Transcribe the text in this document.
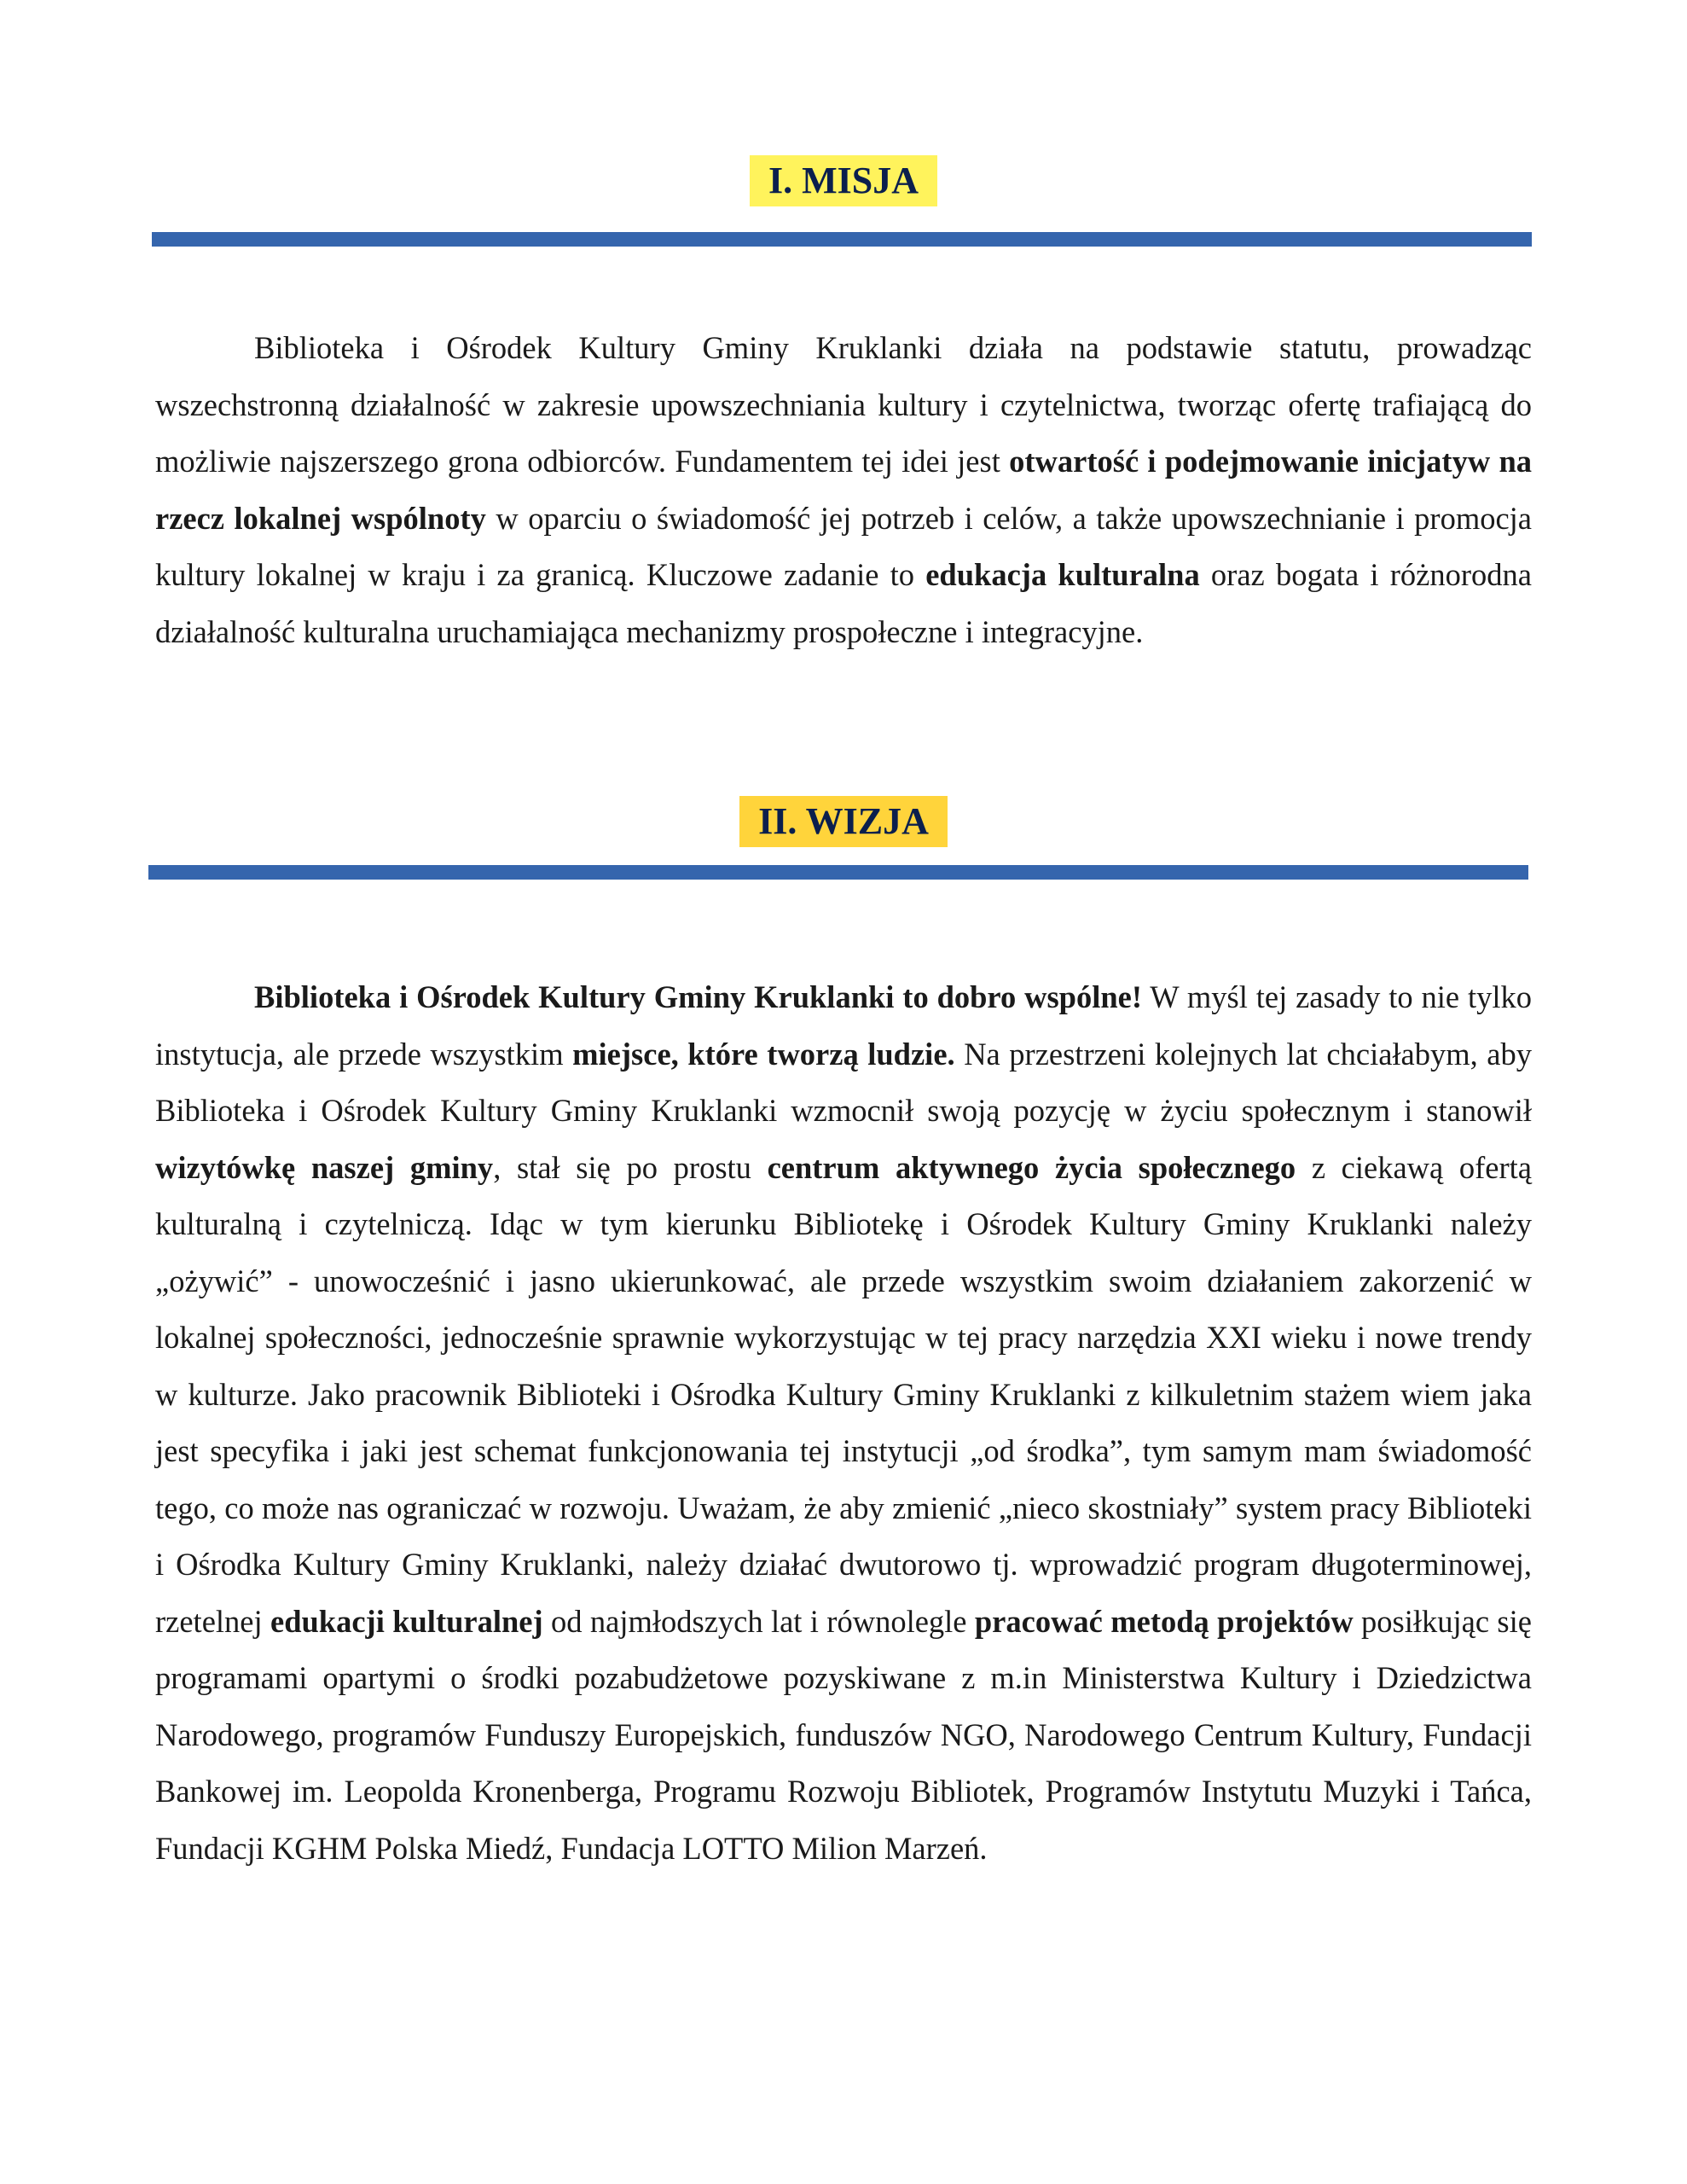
I. MISJA

Biblioteka i Ośrodek Kultury Gminy Kruklanki działa na podstawie statutu, prowadząc wszechstronną działalność w zakresie upowszechniania kultury i czytelnictwa, tworząc ofertę trafiającą do możliwie najszerszego grona odbiorców. Fundamentem tej idei jest otwartość i podejmowanie inicjatyw na rzecz lokalnej wspólnoty w oparciu o świadomość jej potrzeb i celów, a także upowszechnianie i promocja kultury lokalnej w kraju i za granicą. Kluczowe zadanie to edukacja kulturalna oraz bogata i różnorodna działalność kulturalna uruchamiająca mechanizmy prospołeczne i integracyjne.

II. WIZJA

Biblioteka i Ośrodek Kultury Gminy Kruklanki to dobro wspólne! W myśl tej zasady to nie tylko instytucja, ale przede wszystkim miejsce, które tworzą ludzie. Na przestrzeni kolejnych lat chciałabym, aby Biblioteka i Ośrodek Kultury Gminy Kruklanki wzmocnił swoją pozycję w życiu społecznym i stanowił wizytówkę naszej gminy, stał się po prostu centrum aktywnego życia społecznego z ciekawą ofertą kulturalną i czytelniczą. Idąc w tym kierunku Bibliotekę i Ośrodek Kultury Gminy Kruklanki należy „ożywić” - unowocześnić i jasno ukierunkować, ale przede wszystkim swoim działaniem zakorzenić w lokalnej społeczności, jednocześnie sprawnie wykorzystując w tej pracy narzędzia XXI wieku i nowe trendy w kulturze. Jako pracownik Biblioteki i Ośrodka Kultury Gminy Kruklanki z kilkuletnim stażem wiem jaka jest specyfika i jaki jest schemat funkcjonowania tej instytucji „od środka”, tym samym mam świadomość tego, co może nas ograniczać w rozwoju. Uważam, że aby zmienić „nieco skostniały” system pracy Biblioteki i Ośrodka Kultury Gminy Kruklanki, należy działać dwutorowo tj. wprowadzić program długoterminowej, rzetelnej edukacji kulturalnej od najmłodszych lat i równolegle pracować metodą projektów posiłkując się programami opartymi o środki pozabudżetowe pozyskiwane z m.in Ministerstwa Kultury i Dziedzictwa Narodowego, programów Funduszy Europejskich, funduszów NGO, Narodowego Centrum Kultury, Fundacji Bankowej im. Leopolda Kronenberga, Programu Rozwoju Bibliotek, Programów Instytutu Muzyki i Tańca, Fundacji KGHM Polska Miedź, Fundacja LOTTO Milion Marzeń.
